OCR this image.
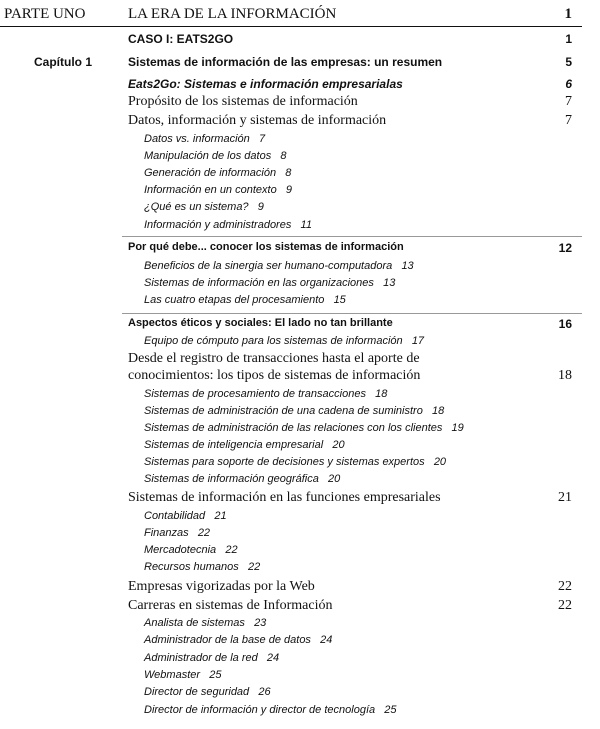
PARTE UNO	LA ERA DE LA INFORMACIÓN	1
CASO I: EATS2GO	1
Capítulo 1	Sistemas de información de las empresas: un resumen	5
Eats2Go: Sistemas e información empresarialas	6
Propósito de los sistemas de información	7
Datos, información y sistemas de información	7
Datos vs. información 7
Manipulación de los datos 8
Generación de información 8
Información en un contexto 9
¿Qué es un sistema? 9
Información y administradores 11
Por qué debe... conocer los sistemas de información	12
Beneficios de la sinergia ser humano-computadora 13
Sistemas de información en las organizaciones 13
Las cuatro etapas del procesamiento 15
Aspectos éticos y sociales: El lado no tan brillante	16
Equipo de cómputo para los sistemas de información 17
Desde el registro de transacciones hasta el aporte de
conocimientos: los tipos de sistemas de información	18
Sistemas de procesamiento de transacciones 18
Sistemas de administración de una cadena de suministro 18
Sistemas de administración de las relaciones con los clientes 19
Sistemas de inteligencia empresarial 20
Sistemas para soporte de decisiones y sistemas expertos 20
Sistemas de información geográfica 20
Sistemas de información en las funciones empresariales	21
Contabilidad 21
Finanzas 22
Mercadotecnia 22
Recursos humanos 22
Empresas vigorizadas por la Web	22
Carreras en sistemas de Información	22
Analista de sistemas 23
Administrador de la base de datos 24
Administrador de la red 24
Webmaster 25
Director de seguridad 26
Director de información y director de tecnología 25
